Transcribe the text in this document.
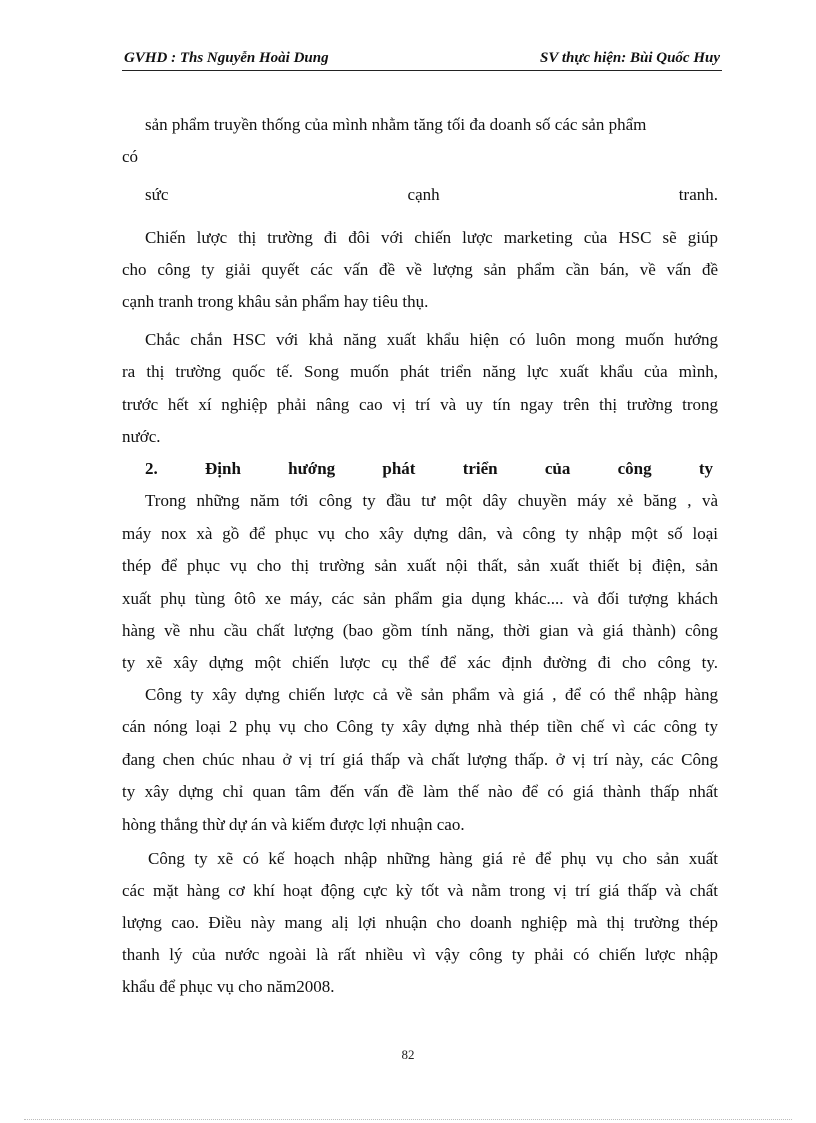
GVHD : Ths Nguyễn Hoài Dung	SV thực hiện: Bùi Quốc Huy
sản phẩm truyền thống của mình nhằm tăng tối đa doanh số các sản phẩm
có
sức cạnh tranh.
Chiến lược thị trường đi đôi với chiến lược marketing của HSC sẽ giúp
cho công ty giải quyết các vấn đề về lượng sản phẩm cần bán, về vấn đề
cạnh tranh trong khâu sản phẩm hay tiêu thụ.
Chắc chắn HSC với khả năng xuất khẩu hiện có luôn mong muốn hướng
ra thị trường quốc tế. Song muốn phát triển năng lực xuất khẩu của mình,
trước hết xí nghiệp phải nâng cao vị trí và uy tín ngay trên thị trường trong
nước.
2. Định hướng phát triển của công ty
Trong những năm tới công ty đầu tư một dây chuyền máy xẻ băng , và
máy nox xà gồ để phục vụ cho xây dựng dân, và công ty nhập một số loại
thép để phục vụ cho thị trường sản xuất nội thất, sản xuất thiết bị điện, sản
xuất phụ tùng ôtô xe máy, các sản phẩm gia dụng khác.... và đối tượng khách
hàng về nhu cầu chất lượng (bao gồm tính năng, thời gian và giá thành) công
ty xẽ xây dựng một chiến lược cụ thể để xác định đường đi cho công ty.
Công ty xây dựng chiến lược cả về sản phẩm và giá , để có thể nhập hàng
cán nóng loại 2 phụ vụ cho Công ty xây dựng nhà thép tiền chế vì các công ty
đang chen chúc nhau ở vị trí giá thấp và chất lượng thấp. ở vị trí này, các Công
ty xây dựng chỉ quan tâm đến vấn đề làm thế nào để có giá thành thấp nhất
hòng thắng thừ dự án và kiếm được lợi nhuận cao.
Công ty xẽ có kế hoạch nhập những hàng giá rẻ để phụ vụ cho sản xuất
các mặt hàng cơ khí hoạt động cực kỳ tốt và nằm trong vị trí giá thấp và chất
lượng cao. Điều này mang alị lợi nhuận cho doanh nghiệp mà thị trường thép
thanh lý của nước ngoài là rất nhiều vì vậy công ty phải có chiến lược nhập
khẩu để phục vụ cho năm2008.
82
